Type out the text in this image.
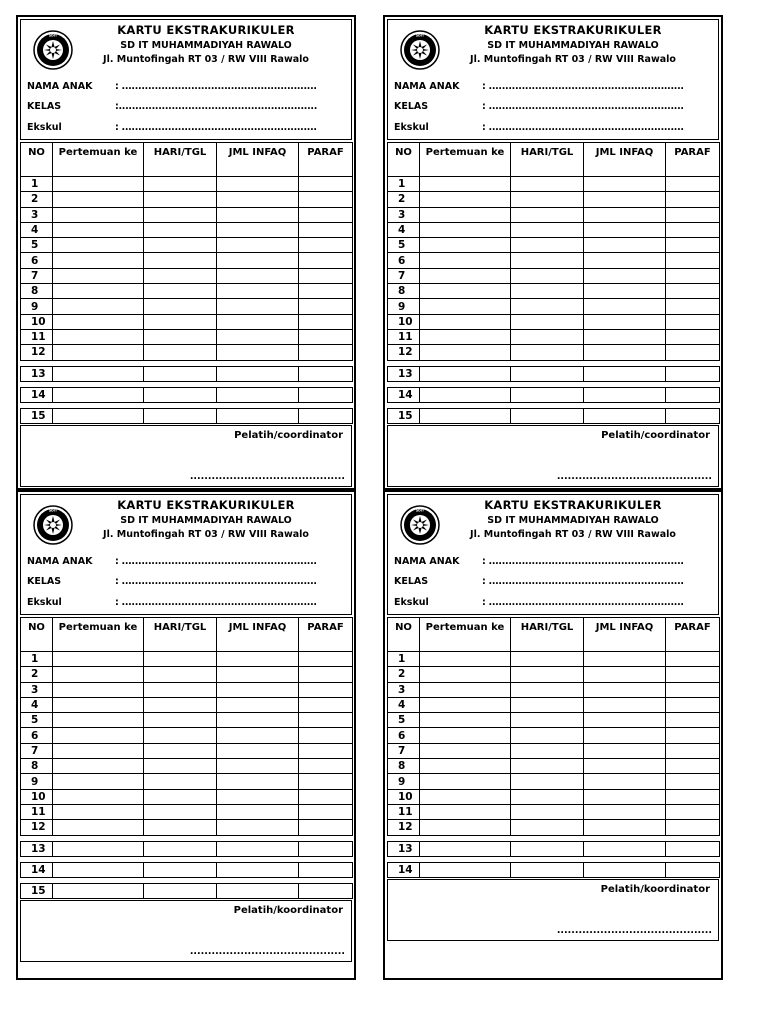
SDIT	KARTU EKSTRAKURIKULER
SD IT MUHAMMADIYAH RAWALO
Jl. Muntofingah RT 03 / RW VIII Rawalo
NAMA ANAK : ...........................................................
KELAS	:............................................................
Ekskul	: ...........................................................
NO	Pertemuan ke	HARI/TGL	JML INFAQ	PARAF
1				
2				
3				
4				
5				
6				
7				
8				
9				
10				
11				
12				

13				

14				

15				
Pelatih/coordinator
...........................................
SDIT	KARTU EKSTRAKURIKULER
SD IT MUHAMMADIYAH RAWALO
Jl. Muntofingah RT 03 / RW VIII Rawalo
NAMA ANAK : ...........................................................
KELAS	: ...........................................................
Ekskul	: ...........................................................
NO	Pertemuan ke	HARI/TGL	JML INFAQ	PARAF
1				
2				
3				
4				
5				
6				
7				
8				
9				
10				
11				
12				

13				

14				

15				
Pelatih/coordinator
...........................................
SDIT	KARTU EKSTRAKURIKULER
SD IT MUHAMMADIYAH RAWALO
Jl. Muntofingah RT 03 / RW VIII Rawalo
NAMA ANAK : ...........................................................
KELAS	: ...........................................................
Ekskul	: ...........................................................
NO	Pertemuan ke	HARI/TGL	JML INFAQ	PARAF
1				
2				
3				
4				
5				
6				
7				
8				
9				
10				
11				
12				

13				

14				

15				
Pelatih/koordinator
...........................................
SDIT	KARTU EKSTRAKURIKULER
SD IT MUHAMMADIYAH RAWALO
Jl. Muntofingah RT 03 / RW VIII Rawalo
NAMA ANAK : ...........................................................
KELAS	: ...........................................................
Ekskul	: ...........................................................
NO	Pertemuan ke	HARI/TGL	JML INFAQ	PARAF
1				
2				
3				
4				
5				
6				
7				
8				
9				
10				
11				
12				

13				

14				
Pelatih/koordinator
...........................................
